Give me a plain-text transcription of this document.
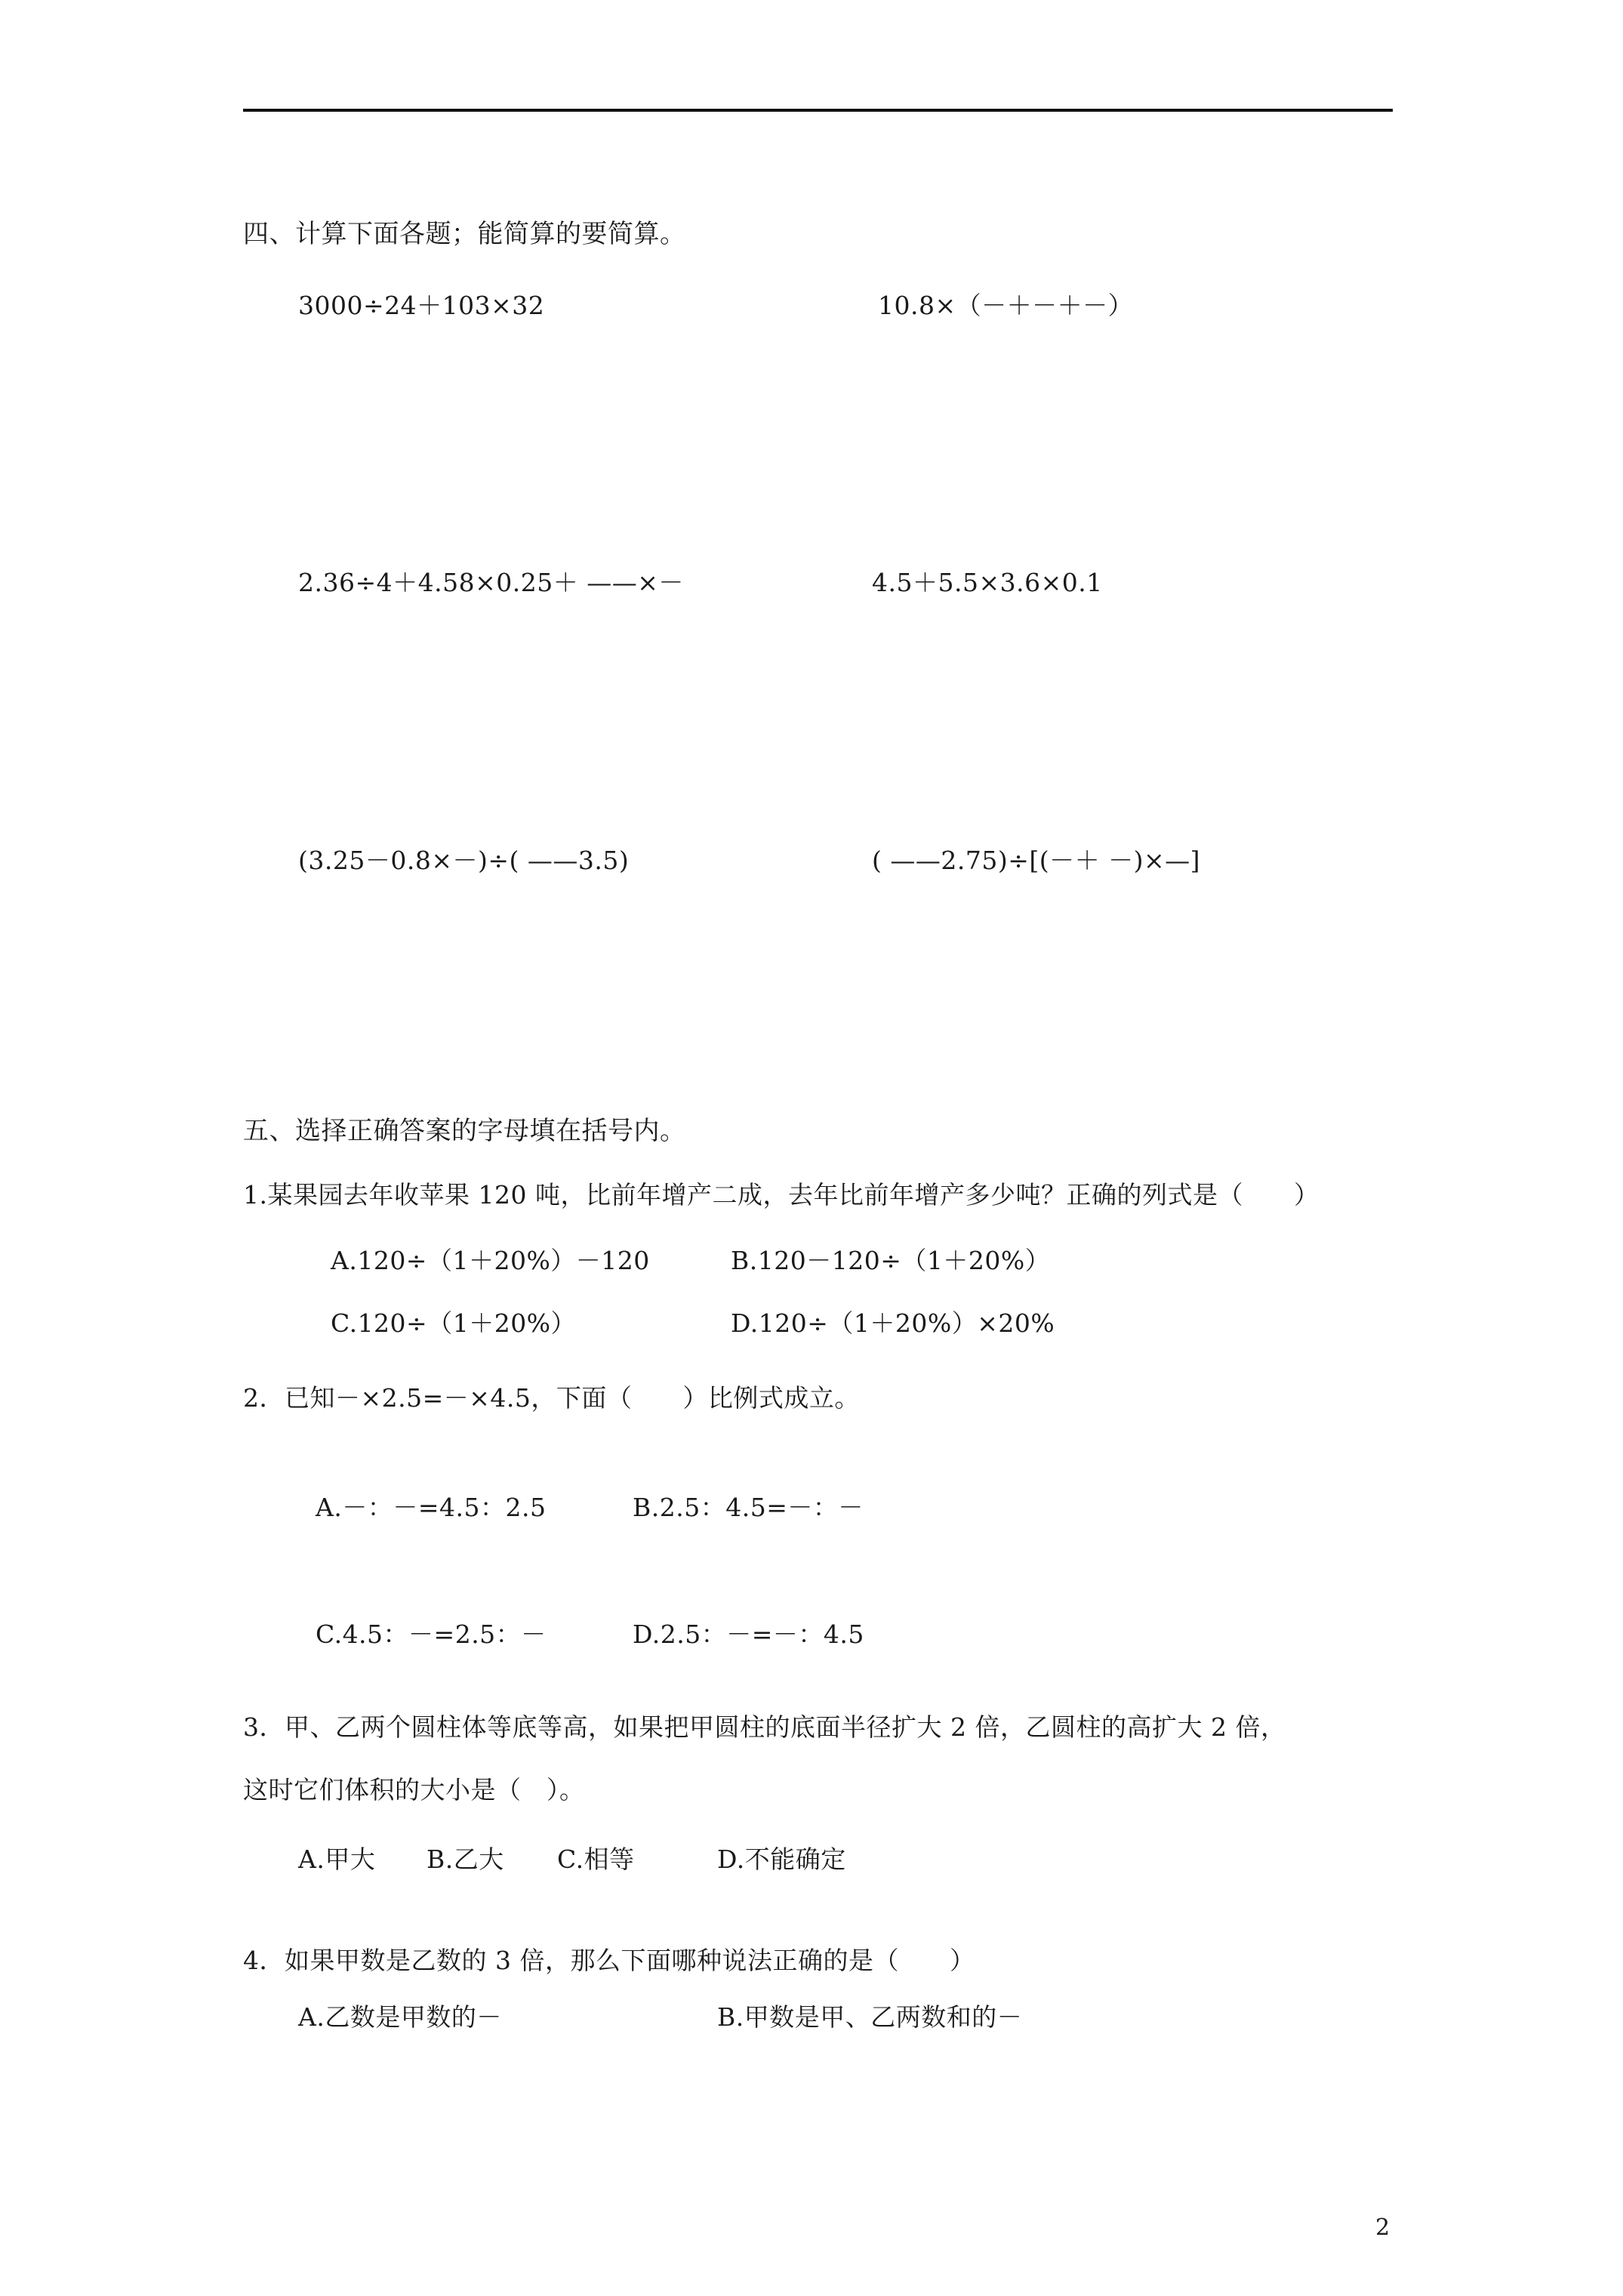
四、计算下面各题；能简算的要简算。
3000÷24＋103×32	10.8×（－＋－＋－）
2.36÷4＋4.58×0.25＋ ——×－	4.5＋5.5×3.6×0.1
(3.25－0.8×－)÷( ——3.5)	( ——2.75)÷[(－＋ －)×—]
五、选择正确答案的字母填在括号内。
1.某果园去年收苹果 120 吨，比前年增产二成，去年比前年增产多少吨？正确的列式是（　　）
A.120÷（1＋20%）－120	B.120－120÷（1＋20%）
C.120÷（1＋20%）	D.120÷（1＋20%）×20%
2．已知－×2.5=－×4.5，下面（　　）比例式成立。
A.－：－=4.5：2.5	B.2.5：4.5=－：－
C.4.5：－=2.5：－	D.2.5：－=－：4.5
3．甲、乙两个圆柱体等底等高，如果把甲圆柱的底面半径扩大 2 倍，乙圆柱的高扩大 2 倍，
这时它们体积的大小是（　）。
A.甲大 B.乙大 C.相等	D.不能确定
4．如果甲数是乙数的 3 倍，那么下面哪种说法正确的是（　　）
A.乙数是甲数的－	B.甲数是甲、乙两数和的－
2
